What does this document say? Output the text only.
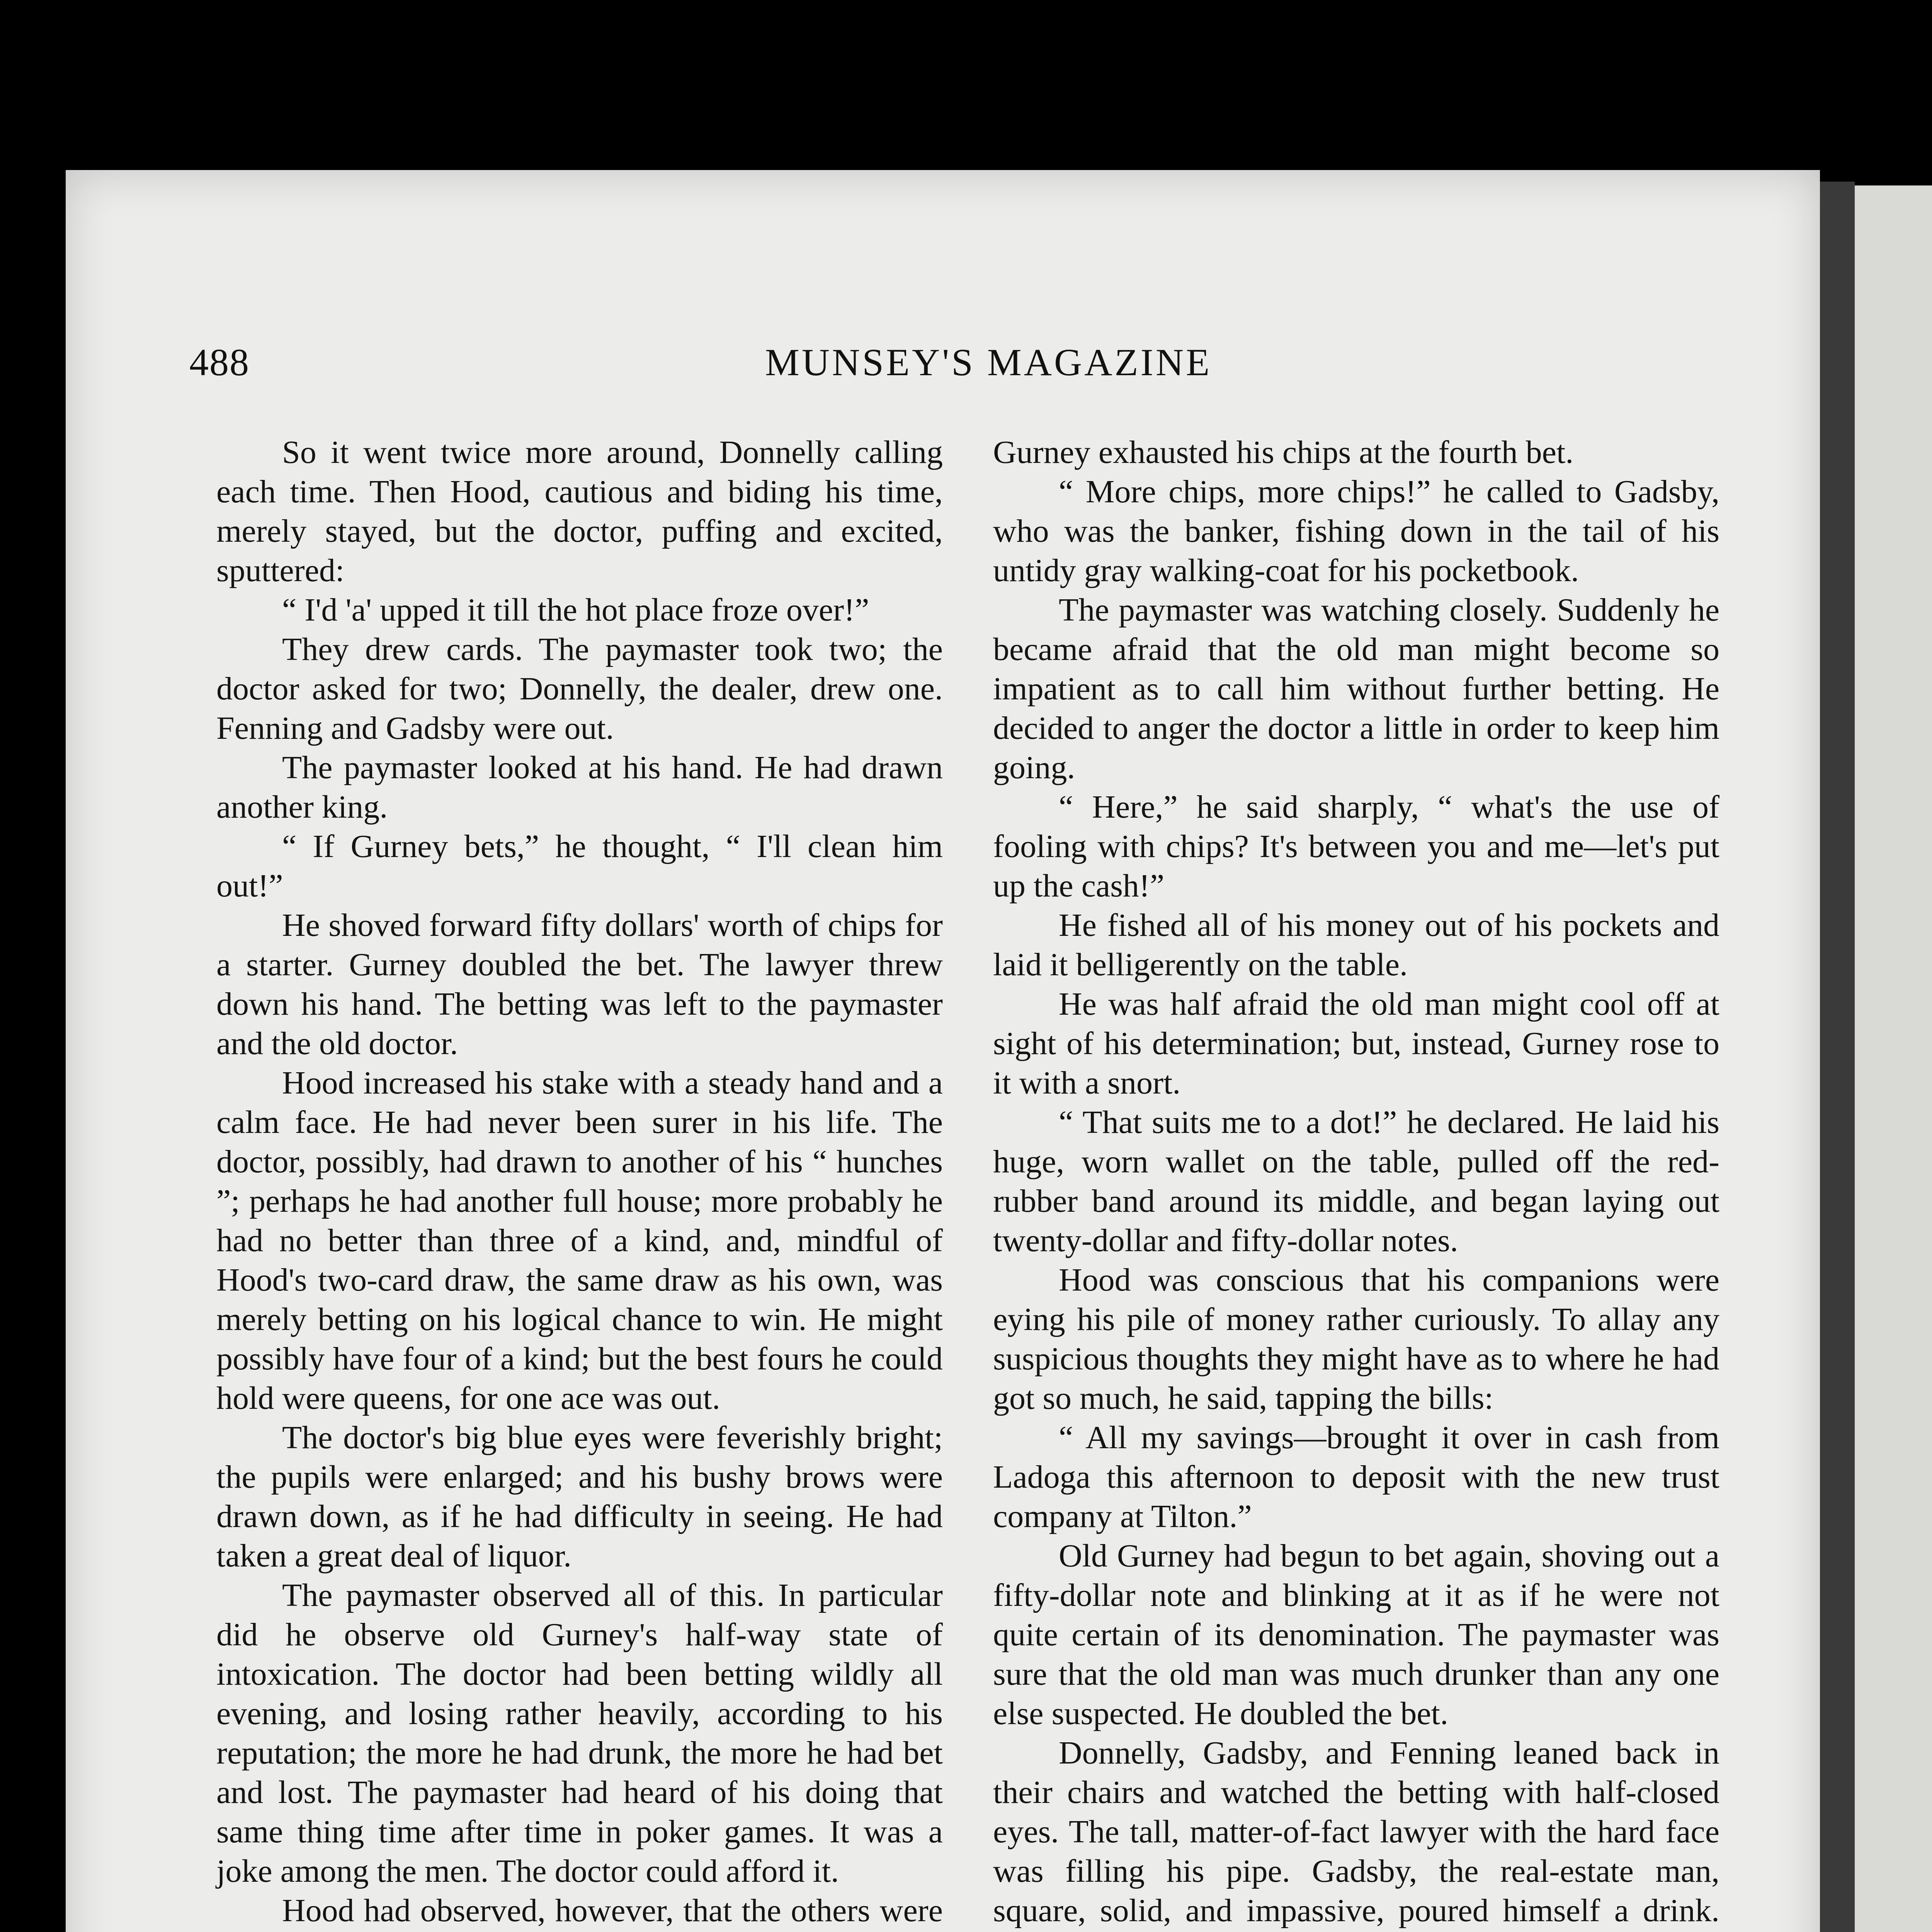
488	MUNSEY'S MAGAZINE

So it went twice more around, Donnelly calling each time. Then Hood, cautious and biding his time, merely stayed, but the doctor, puffing and excited, sputtered:

“ I'd 'a' upped it till the hot place froze over!”

They drew cards. The paymaster took two; the doctor asked for two; Donnelly, the dealer, drew one. Fenning and Gadsby were out.

The paymaster looked at his hand. He had drawn another king.

“ If Gurney bets,” he thought, “ I'll clean him out!”

He shoved forward fifty dollars' worth of chips for a starter. Gurney doubled the bet. The lawyer threw down his hand. The betting was left to the paymaster and the old doctor.

Hood increased his stake with a steady hand and a calm face. He had never been surer in his life. The doctor, possibly, had drawn to another of his “ hunches ”; perhaps he had another full house; more probably he had no better than three of a kind, and, mindful of Hood's two-card draw, the same draw as his own, was merely betting on his logical chance to win. He might possibly have four of a kind; but the best fours he could hold were queens, for one ace was out.

The doctor's big blue eyes were feverishly bright; the pupils were enlarged; and his bushy brows were drawn down, as if he had difficulty in seeing. He had taken a great deal of liquor.

The paymaster observed all of this. In particular did he observe old Gurney's half-way state of intoxication. The doctor had been betting wildly all evening, and losing rather heavily, according to his reputation; the more he had drunk, the more he had bet and lost. The paymaster had heard of his doing that same thing time after time in poker games. It was a joke among the men. The doctor could afford it.

Hood had observed, however, that the others were

Gurney exhausted his chips at the fourth bet.

“ More chips, more chips!” he called to Gadsby, who was the banker, fishing down in the tail of his untidy gray walking-coat for his pocketbook.

The paymaster was watching closely. Suddenly he became afraid that the old man might become so impatient as to call him without further betting. He decided to anger the doctor a little in order to keep him going.

“ Here,” he said sharply, “ what's the use of fooling with chips? It's between you and me—let's put up the cash!”

He fished all of his money out of his pockets and laid it belligerently on the table.

He was half afraid the old man might cool off at sight of his determination; but, instead, Gurney rose to it with a snort.

“ That suits me to a dot!” he declared. He laid his huge, worn wallet on the table, pulled off the red-rubber band around its middle, and began laying out twenty-dollar and fifty-dollar notes.

Hood was conscious that his companions were eying his pile of money rather curiously. To allay any suspicious thoughts they might have as to where he had got so much, he said, tapping the bills:

“ All my savings—brought it over in cash from Ladoga this afternoon to deposit with the new trust company at Tilton.”

Old Gurney had begun to bet again, shoving out a fifty-dollar note and blinking at it as if he were not quite certain of its denomination. The paymaster was sure that the old man was much drunker than any one else suspected. He doubled the bet.

Donnelly, Gadsby, and Fenning leaned back in their chairs and watched the betting with half-closed eyes. The tall, matter-of-fact lawyer with the hard face was filling his pipe. Gadsby, the real-estate man, square, solid, and impassive, poured himself a drink.
